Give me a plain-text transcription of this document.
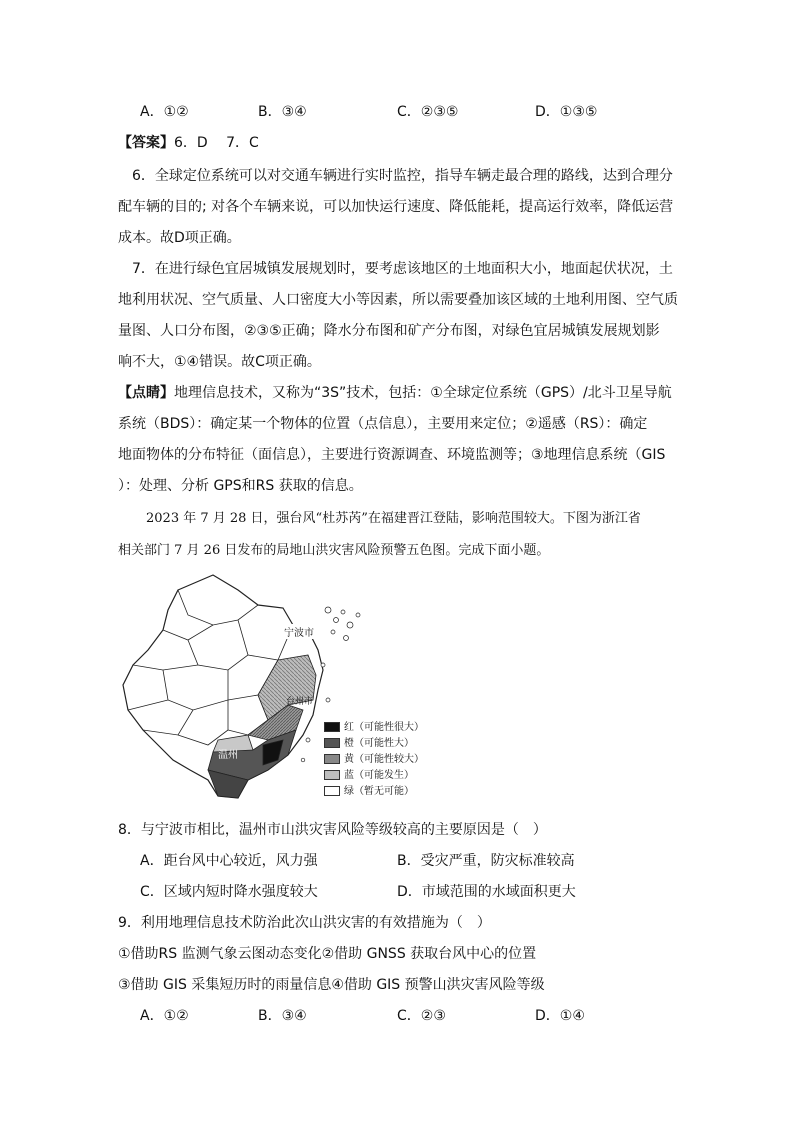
A．①②	B．③④	C．②③⑤	D．①③⑤
【答案】6．D　 7．C
6．全球定位系统可以对交通车辆进行实时监控，指导车辆走最合理的路线，达到合理分
配车辆的目的; 对各个车辆来说，可以加快运行速度、降低能耗，提高运行效率，降低运营
成本。故D项正确。
7．在进行绿色宜居城镇发展规划时，要考虑该地区的土地面积大小，地面起伏状况，土
地利用状况、空气质量、人口密度大小等因素，所以需要叠加该区域的土地利用图、空气质
量图、人口分布图，②③⑤正确；降水分布图和矿产分布图，对绿色宜居城镇发展规划影
响不大，①④错误。故C项正确。
【点睛】地理信息技术，又称为“3S”技术，包括：①全球定位系统（GPS）/北斗卫星导航
系统（BDS）：确定某一个物体的位置（点信息），主要用来定位；②遥感（RS）：确定
地面物体的分布特征（面信息），主要进行资源调查、环境监测等；③地理信息系统（GIS
）：处理、分析 GPS和RS 获取的信息。
2023 年 7 月 28 日，强台风“杜苏芮”在福建晋江登陆，影响范围较大。下图为浙江省
相关部门 7 月 26 日发布的局地山洪灾害风险预警五色图。完成下面小题。
宁波市
台州市
温州
红（可能性很大）
橙（可能性大）
黄（可能性较大）
蓝（可能发生）
绿（暂无可能）
8．与宁波市相比，温州市山洪灾害风险等级较高的主要原因是（　）
A．距台风中心较近，风力强	B．受灾严重，防灾标准较高
C．区域内短时降水强度较大	D．市域范围的水域面积更大
9．利用地理信息技术防治此次山洪灾害的有效措施为（　）
①借助RS 监测气象云图动态变化②借助 GNSS 获取台风中心的位置
③借助 GIS 采集短历时的雨量信息④借助 GIS 预警山洪灾害风险等级
A．①②	B．③④	C．②③	D．①④
